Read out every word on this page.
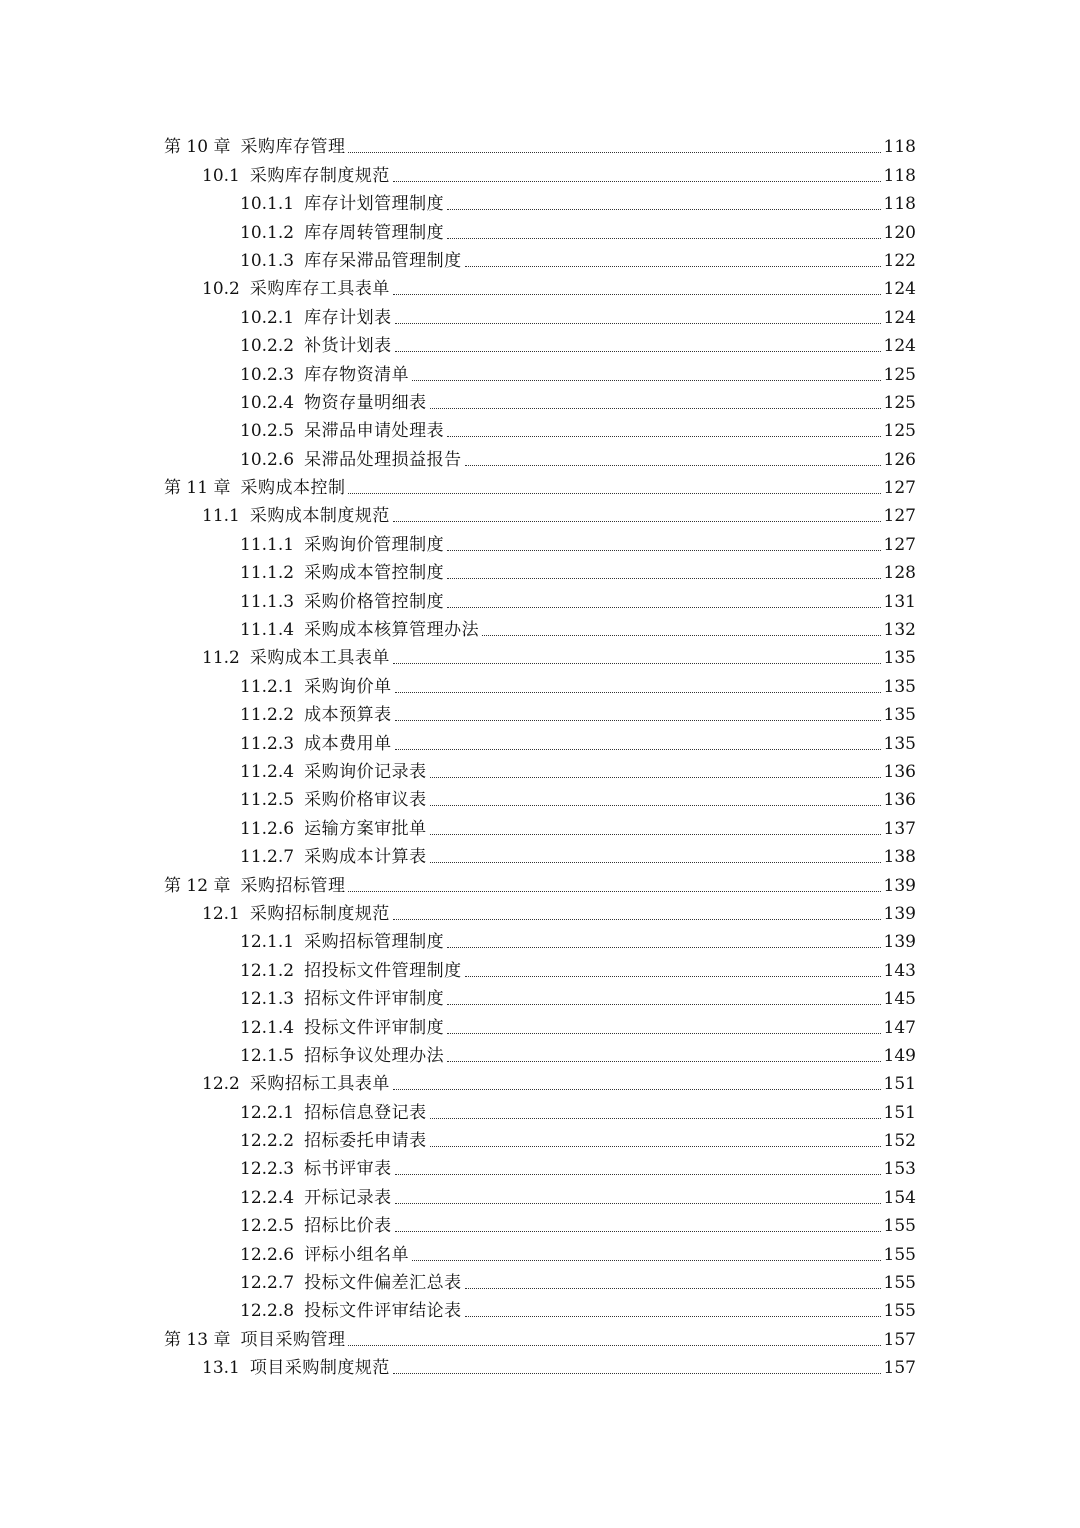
第 10 章 采购库存管理	118
10.1 采购库存制度规范	118
10.1.1 库存计划管理制度	118
10.1.2 库存周转管理制度	120
10.1.3 库存呆滞品管理制度	122
10.2 采购库存工具表单	124
10.2.1 库存计划表	124
10.2.2 补货计划表	124
10.2.3 库存物资清单	125
10.2.4 物资存量明细表	125
10.2.5 呆滞品申请处理表	125
10.2.6 呆滞品处理损益报告	126
第 11 章 采购成本控制	127
11.1 采购成本制度规范	127
11.1.1 采购询价管理制度	127
11.1.2 采购成本管控制度	128
11.1.3 采购价格管控制度	131
11.1.4 采购成本核算管理办法	132
11.2 采购成本工具表单	135
11.2.1 采购询价单	135
11.2.2 成本预算表	135
11.2.3 成本费用单	135
11.2.4 采购询价记录表	136
11.2.5 采购价格审议表	136
11.2.6 运输方案审批单	137
11.2.7 采购成本计算表	138
第 12 章 采购招标管理	139
12.1 采购招标制度规范	139
12.1.1 采购招标管理制度	139
12.1.2 招投标文件管理制度	143
12.1.3 招标文件评审制度	145
12.1.4 投标文件评审制度	147
12.1.5 招标争议处理办法	149
12.2 采购招标工具表单	151
12.2.1 招标信息登记表	151
12.2.2 招标委托申请表	152
12.2.3 标书评审表	153
12.2.4 开标记录表	154
12.2.5 招标比价表	155
12.2.6 评标小组名单	155
12.2.7 投标文件偏差汇总表	155
12.2.8 投标文件评审结论表	155
第 13 章 项目采购管理	157
13.1 项目采购制度规范	157
